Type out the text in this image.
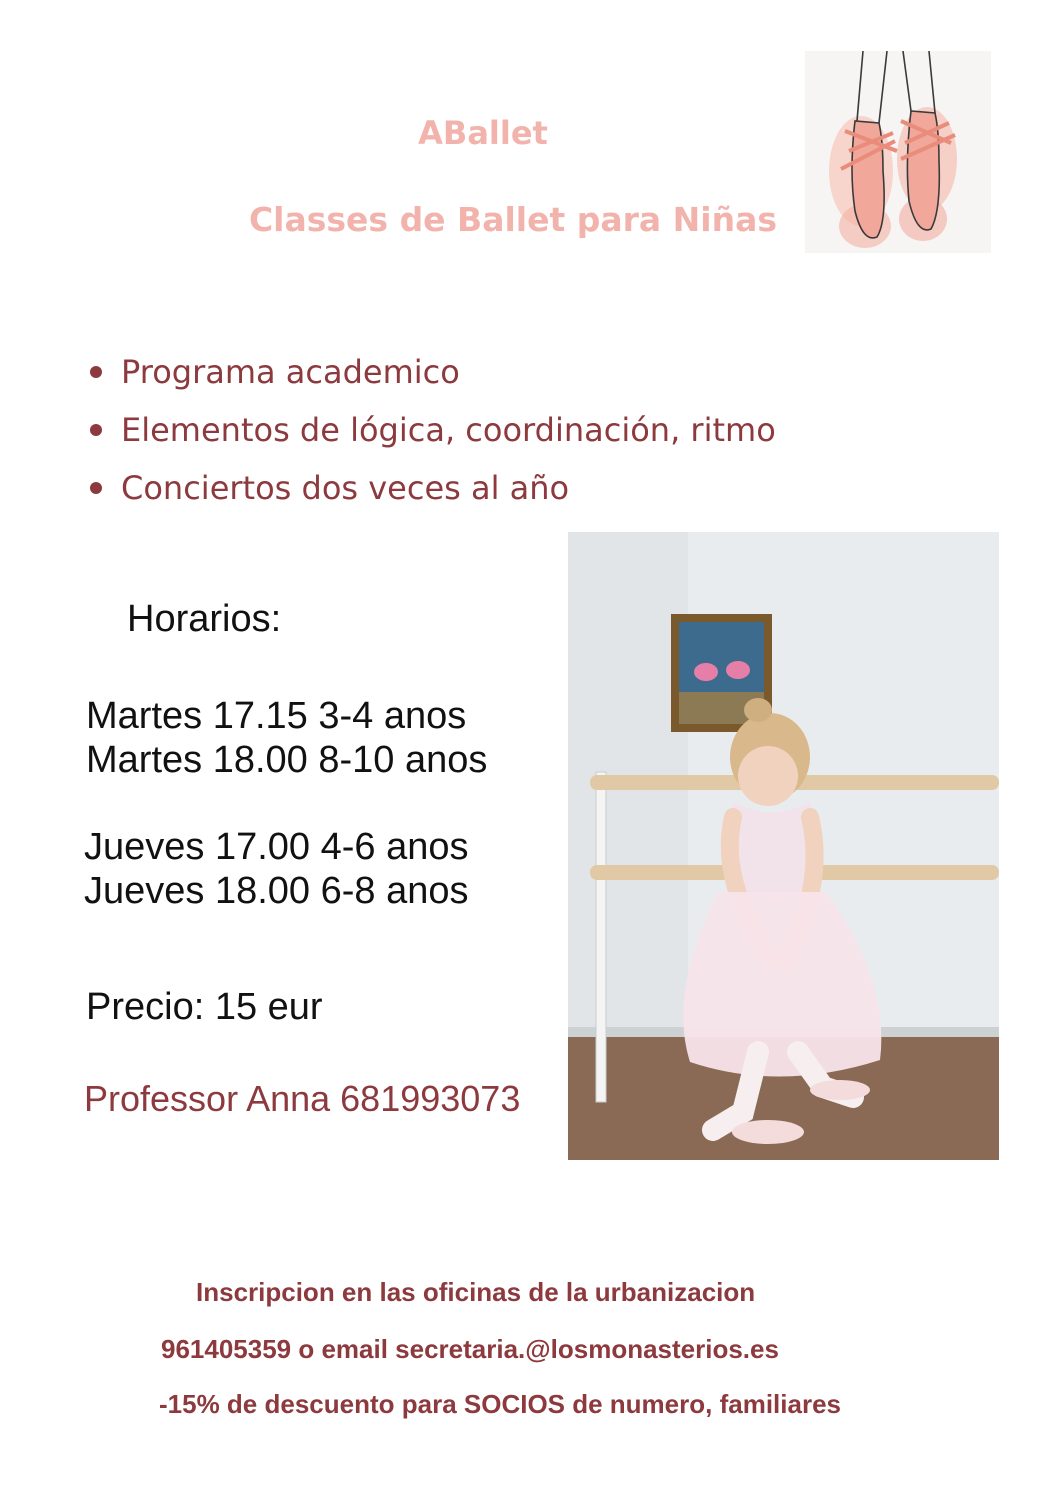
ABallet
Classes de Ballet para Niñas
Programa academico
Elementos de lógica, coordinación, ritmo
Conciertos dos veces al año
Horarios:
Martes 17.15 3-4 anos
Martes 18.00 8-10 anos
Jueves 17.00 4-6 anos
Jueves 18.00 6-8 anos
Precio: 15 eur
Professor Anna 681993073
Inscripcion en las oficinas de la urbanizacion
961405359 o email secretaria.@losmonasterios.es
-15% de descuento para SOCIOS de numero, familiares
